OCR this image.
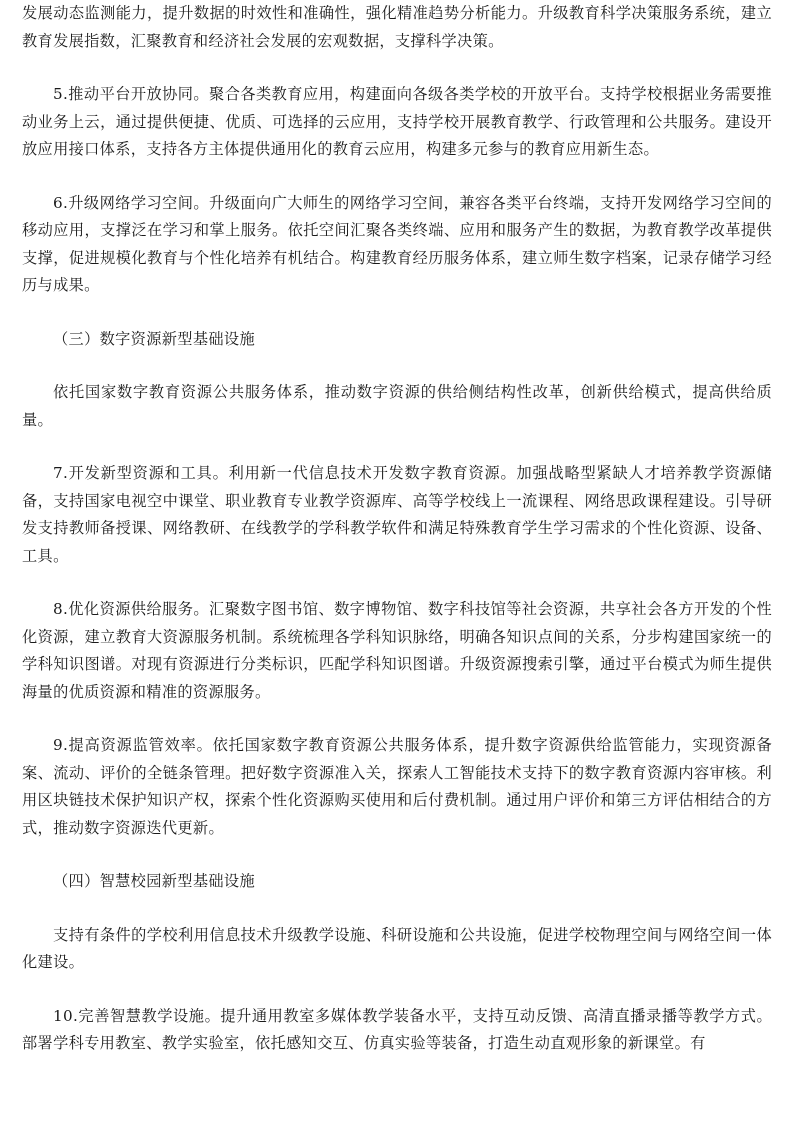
发展动态监测能力，提升数据的时效性和准确性，强化精准趋势分析能力。升级教育科学决策服务系统，建立教育发展指数，汇聚教育和经济社会发展的宏观数据，支撑科学决策。

5.推动平台开放协同。聚合各类教育应用，构建面向各级各类学校的开放平台。支持学校根据业务需要推动业务上云，通过提供便捷、优质、可选择的云应用，支持学校开展教育教学、行政管理和公共服务。建设开放应用接口体系，支持各方主体提供通用化的教育云应用，构建多元参与的教育应用新生态。

6.升级网络学习空间。升级面向广大师生的网络学习空间，兼容各类平台终端，支持开发网络学习空间的移动应用，支撑泛在学习和掌上服务。依托空间汇聚各类终端、应用和服务产生的数据，为教育教学改革提供支撑，促进规模化教育与个性化培养有机结合。构建教育经历服务体系，建立师生数字档案，记录存储学习经历与成果。

（三）数字资源新型基础设施

依托国家数字教育资源公共服务体系，推动数字资源的供给侧结构性改革，创新供给模式，提高供给质量。

7.开发新型资源和工具。利用新一代信息技术开发数字教育资源。加强战略型紧缺人才培养教学资源储备，支持国家电视空中课堂、职业教育专业教学资源库、高等学校线上一流课程、网络思政课程建设。引导研发支持教师备授课、网络教研、在线教学的学科教学软件和满足特殊教育学生学习需求的个性化资源、设备、工具。

8.优化资源供给服务。汇聚数字图书馆、数字博物馆、数字科技馆等社会资源，共享社会各方开发的个性化资源，建立教育大资源服务机制。系统梳理各学科知识脉络，明确各知识点间的关系，分步构建国家统一的学科知识图谱。对现有资源进行分类标识，匹配学科知识图谱。升级资源搜索引擎，通过平台模式为师生提供海量的优质资源和精准的资源服务。

9.提高资源监管效率。依托国家数字教育资源公共服务体系，提升数字资源供给监管能力，实现资源备案、流动、评价的全链条管理。把好数字资源准入关，探索人工智能技术支持下的数字教育资源内容审核。利用区块链技术保护知识产权，探索个性化资源购买使用和后付费机制。通过用户评价和第三方评估相结合的方式，推动数字资源迭代更新。

（四）智慧校园新型基础设施

支持有条件的学校利用信息技术升级教学设施、科研设施和公共设施，促进学校物理空间与网络空间一体化建设。

10.完善智慧教学设施。提升通用教室多媒体教学装备水平，支持互动反馈、高清直播录播等教学方式。部署学科专用教室、教学实验室，依托感知交互、仿真实验等装备，打造生动直观形象的新课堂。有
